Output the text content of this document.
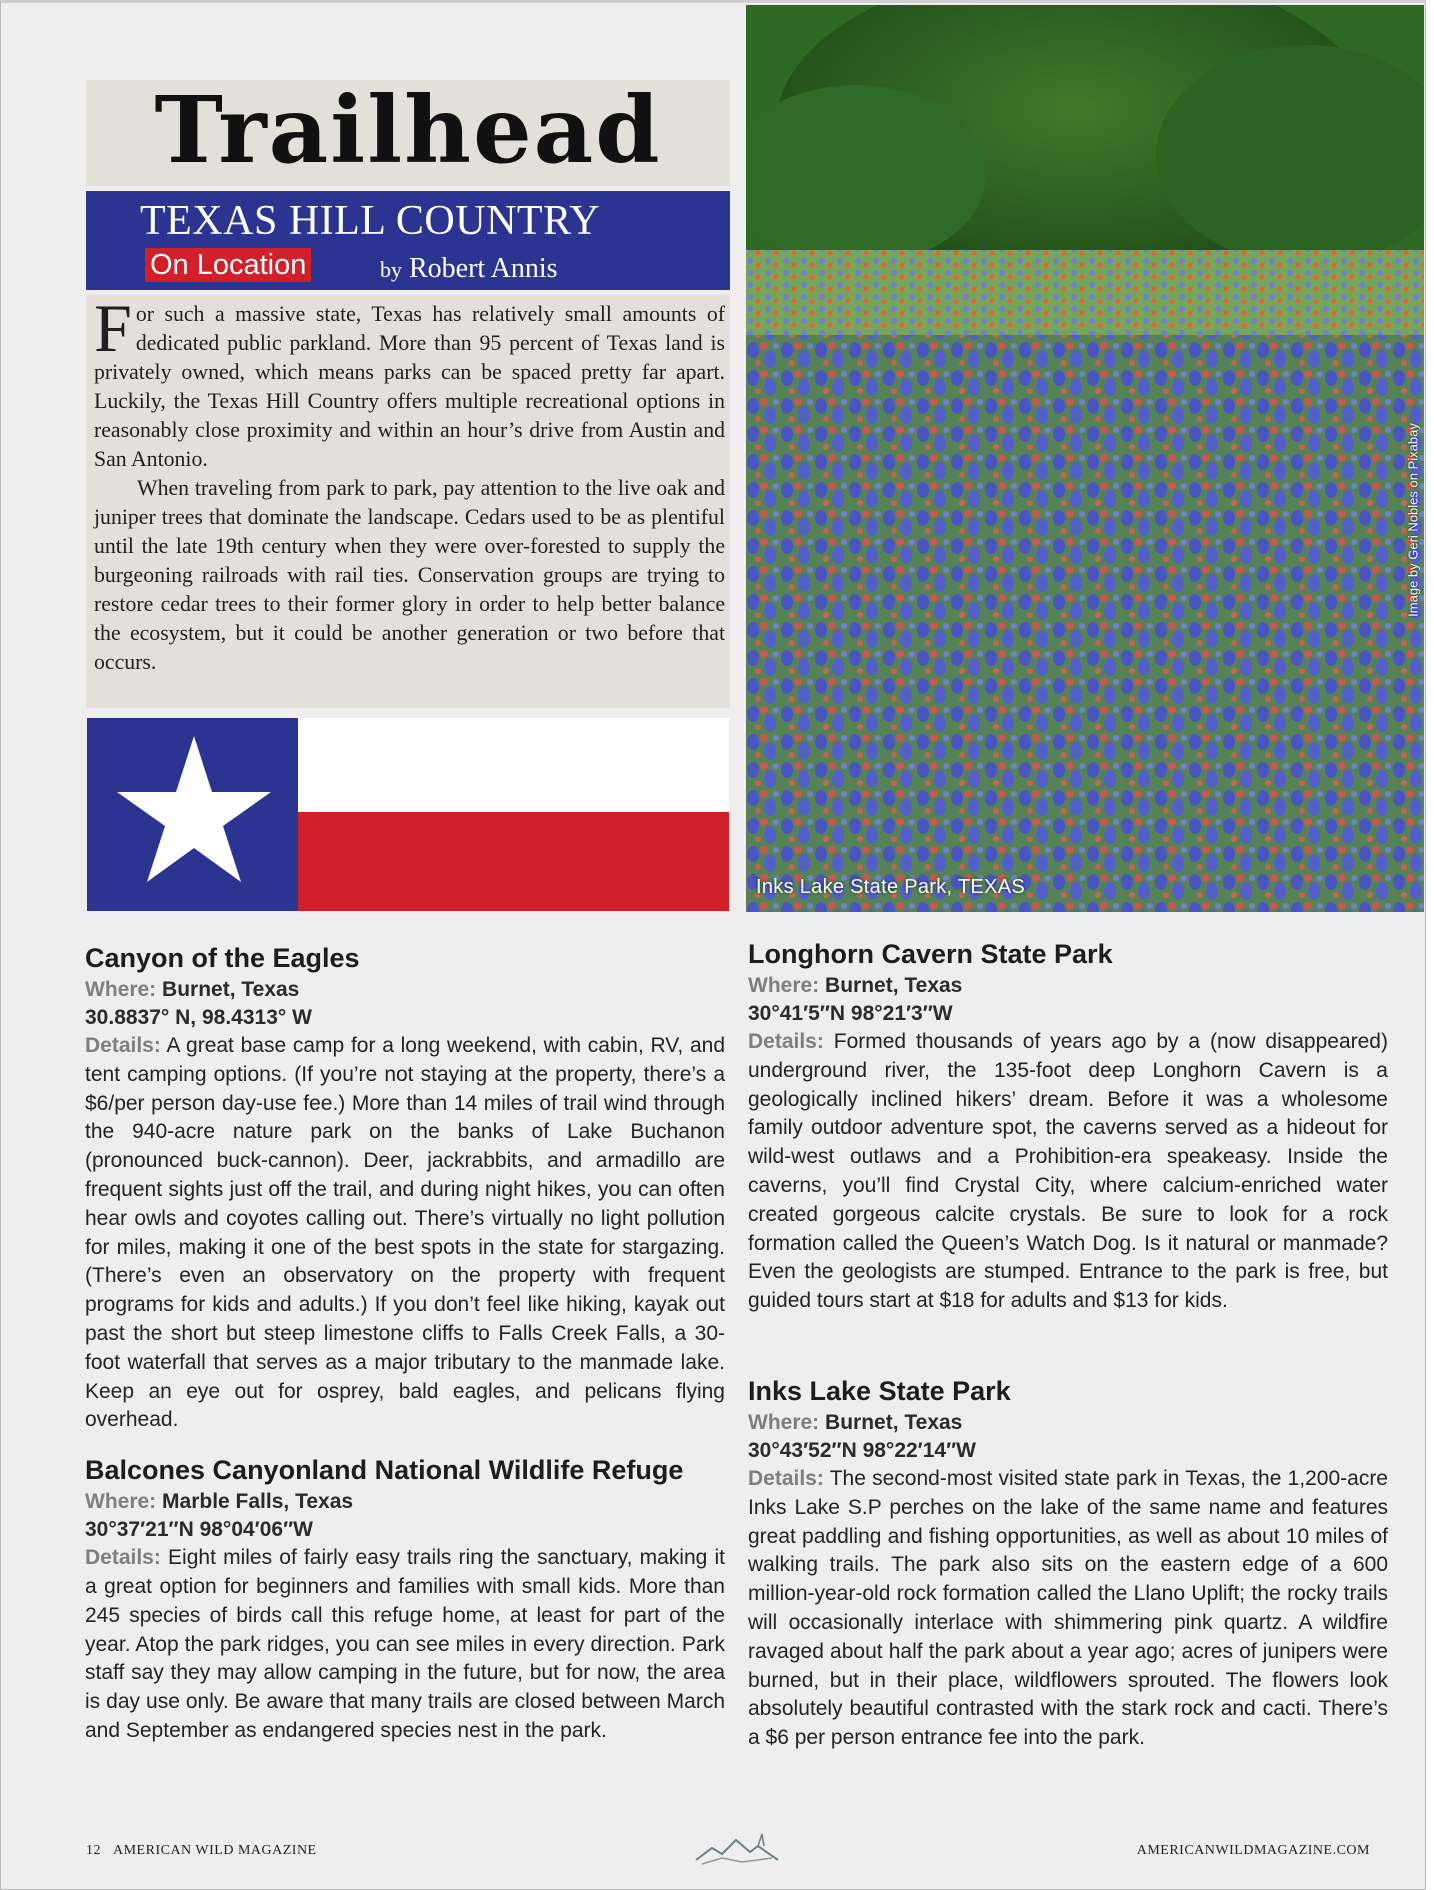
Trailhead
TEXAS HILL COUNTRY
On Location	by Robert Annis

For such a massive state, Texas has relatively small amounts of dedicated public parkland. More than 95 percent of Texas land is privately owned, which means parks can be spaced pretty far apart. Luckily, the Texas Hill Country offers multiple recreational options in reasonably close proximity and within an hour’s drive from Austin and San Antonio.

When traveling from park to park, pay attention to the live oak and juniper trees that dominate the landscape. Cedars used to be as plentiful until the late 19th century when they were over-forested to supply the burgeoning railroads with rail ties. Conservation groups are trying to restore cedar trees to their former glory in order to help better balance the ecosystem, but it could be another generation or two before that occurs.

Inks Lake State Park, TEXAS
Image by Geri Nobles on Pixabay
Canyon of the Eagles

Where: Burnet, Texas

30.8837° N, 98.4313° W

Details: A great base camp for a long weekend, with cabin, RV, and tent camping options. (If you’re not staying at the property, there’s a $6/per person day-use fee.) More than 14 miles of trail wind through the 940-acre nature park on the banks of Lake Buchanon (pronounced buck-cannon). Deer, jackrabbits, and armadillo are frequent sights just off the trail, and during night hikes, you can often hear owls and coyotes calling out. There’s virtually no light pollution for miles, making it one of the best spots in the state for stargazing. (There’s even an observatory on the property with frequent programs for kids and adults.) If you don’t feel like hiking, kayak out past the short but steep limestone cliffs to Falls Creek Falls, a 30-foot waterfall that serves as a major tributary to the manmade lake. Keep an eye out for osprey, bald eagles, and pelicans flying overhead.

Balcones Canyonland National Wildlife Refuge

Where: Marble Falls, Texas

30°37′21″N 98°04′06″W

Details: Eight miles of fairly easy trails ring the sanctuary, making it a great option for beginners and families with small kids. More than 245 species of birds call this refuge home, at least for part of the year. Atop the park ridges, you can see miles in every direction. Park staff say they may allow camping in the future, but for now, the area is day use only. Be aware that many trails are closed between March and September as endangered species nest in the park.

Longhorn Cavern State Park

Where: Burnet, Texas

30°41′5″N 98°21′3″W

Details: Formed thousands of years ago by a (now disappeared) underground river, the 135-foot deep Longhorn Cavern is a geologically inclined hikers’ dream. Before it was a wholesome family outdoor adventure spot, the caverns served as a hideout for wild-west outlaws and a Prohibition-era speakeasy. Inside the caverns, you’ll find Crystal City, where calcium-enriched water created gorgeous calcite crystals. Be sure to look for a rock formation called the Queen’s Watch Dog. Is it natural or manmade? Even the geologists are stumped. Entrance to the park is free, but guided tours start at $18 for adults and $13 for kids.

Inks Lake State Park

Where: Burnet, Texas

30°43′52″N 98°22′14″W

Details: The second-most visited state park in Texas, the 1,200-acre Inks Lake S.P perches on the lake of the same name and features great paddling and fishing opportunities, as well as about 10 miles of walking trails. The park also sits on the eastern edge of a 600 million-year-old rock formation called the Llano Uplift; the rocky trails will occasionally interlace with shimmering pink quartz. A wildfire ravaged about half the park about a year ago; acres of junipers were burned, but in their place, wildflowers sprouted. The flowers look absolutely beautiful contrasted with the stark rock and cacti. There’s a $6 per person entrance fee into the park.

12 AMERICAN WILD MAGAZINE	AMERICANWILDMAGAZINE.COM
